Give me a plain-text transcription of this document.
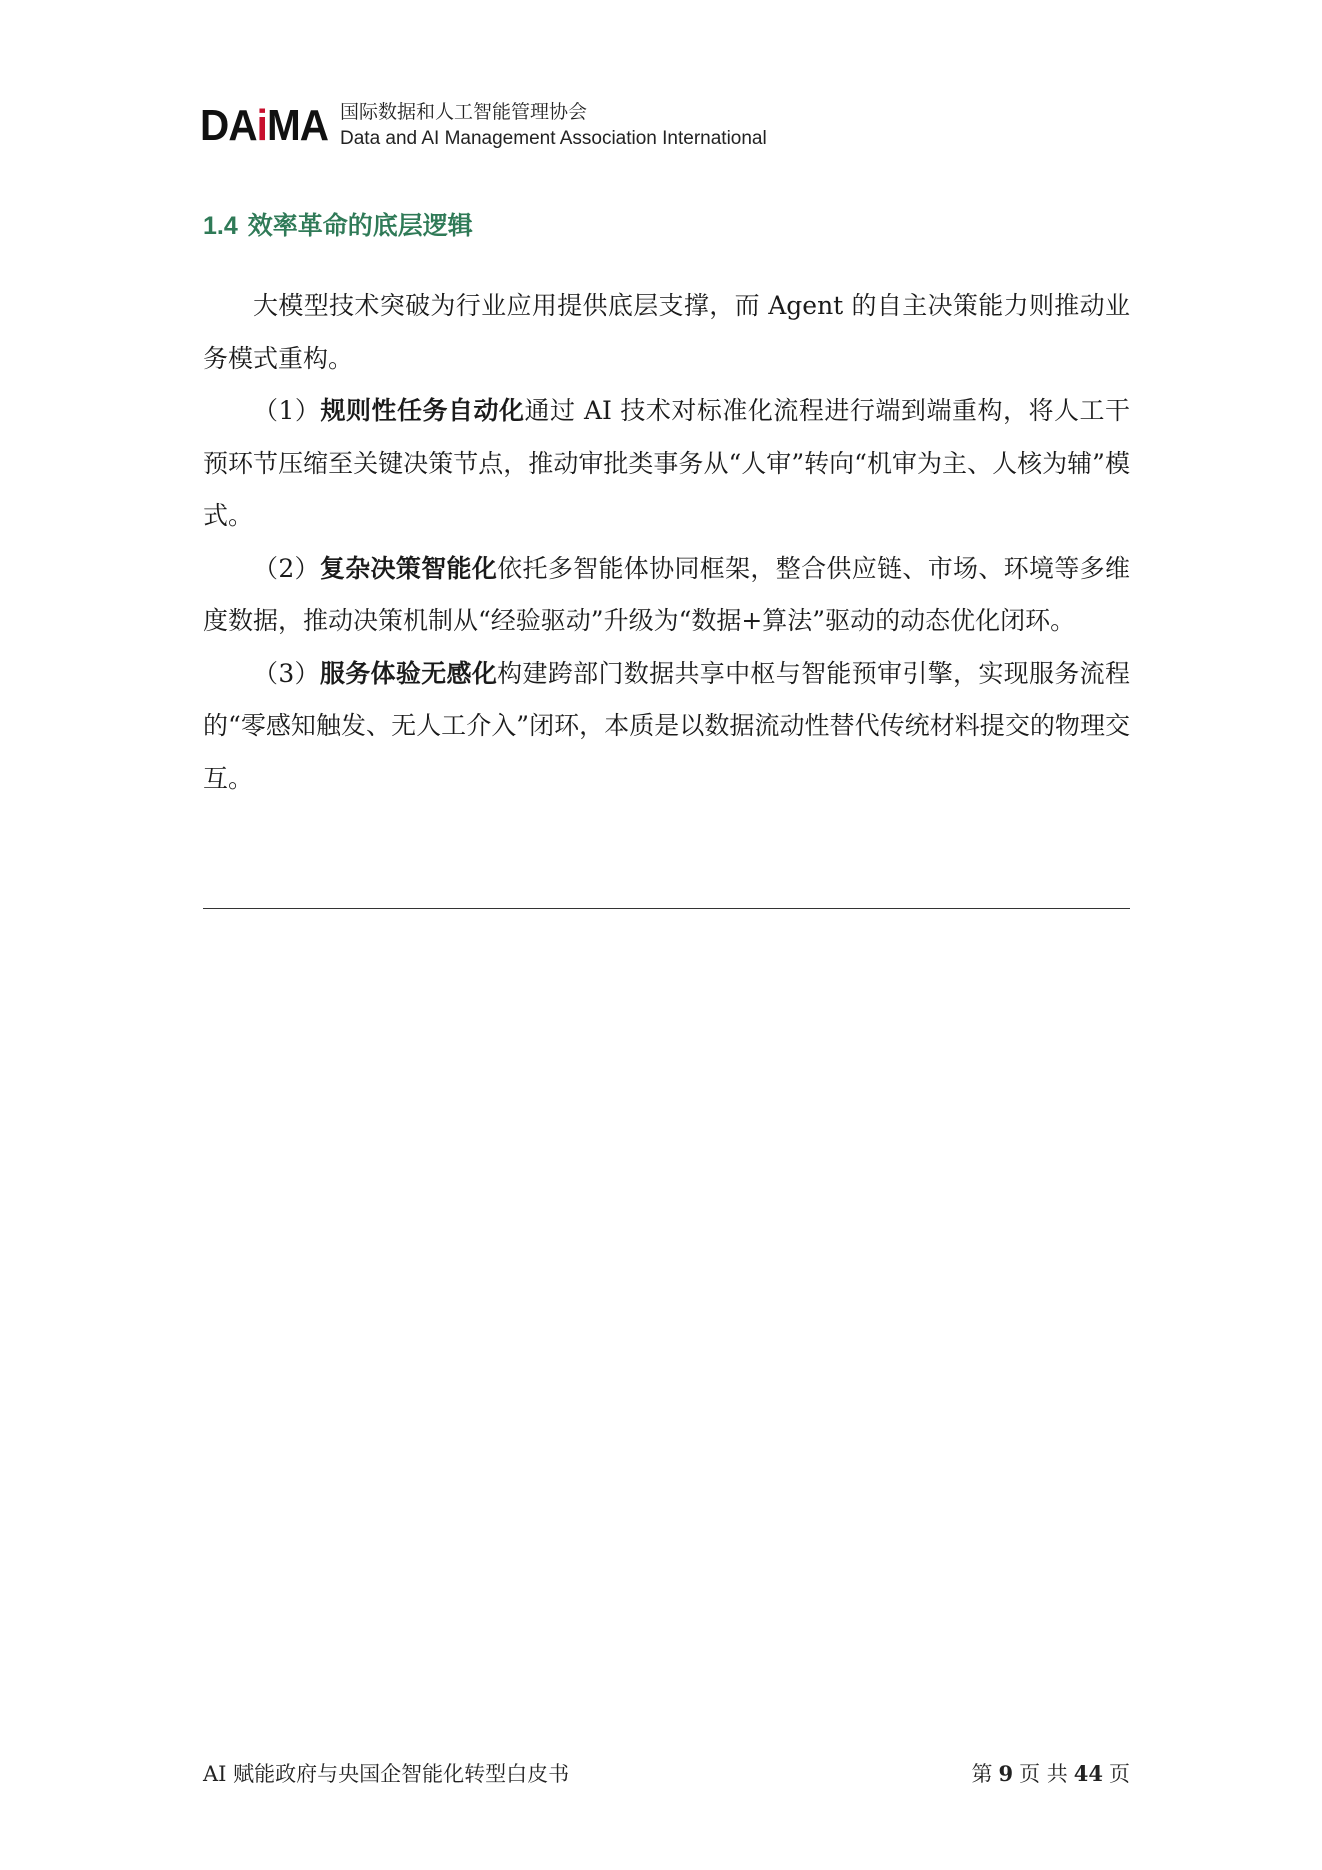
DAiMA 国际数据和人工智能管理协会
Data and AI Management Association International
1.4 效率革命的底层逻辑

大模型技术突破为行业应用提供底层支撑，而 Agent 的自主决策能力则推动业务模式重构。

（1）规则性任务自动化通过 AI 技术对标准化流程进行端到端重构，将人工干预环节压缩至关键决策节点，推动审批类事务从“人审”转向“机审为主、人核为辅”模式。

（2）复杂决策智能化依托多智能体协同框架，整合供应链、市场、环境等多维度数据，推动决策机制从“经验驱动”升级为“数据+算法”驱动的动态优化闭环。

（3）服务体验无感化构建跨部门数据共享中枢与智能预审引擎，实现服务流程的“零感知触发、无人工介入”闭环，本质是以数据流动性替代传统材料提交的物理交互。

AI 赋能政府与央国企智能化转型白皮书	第 9 页 共 44 页
